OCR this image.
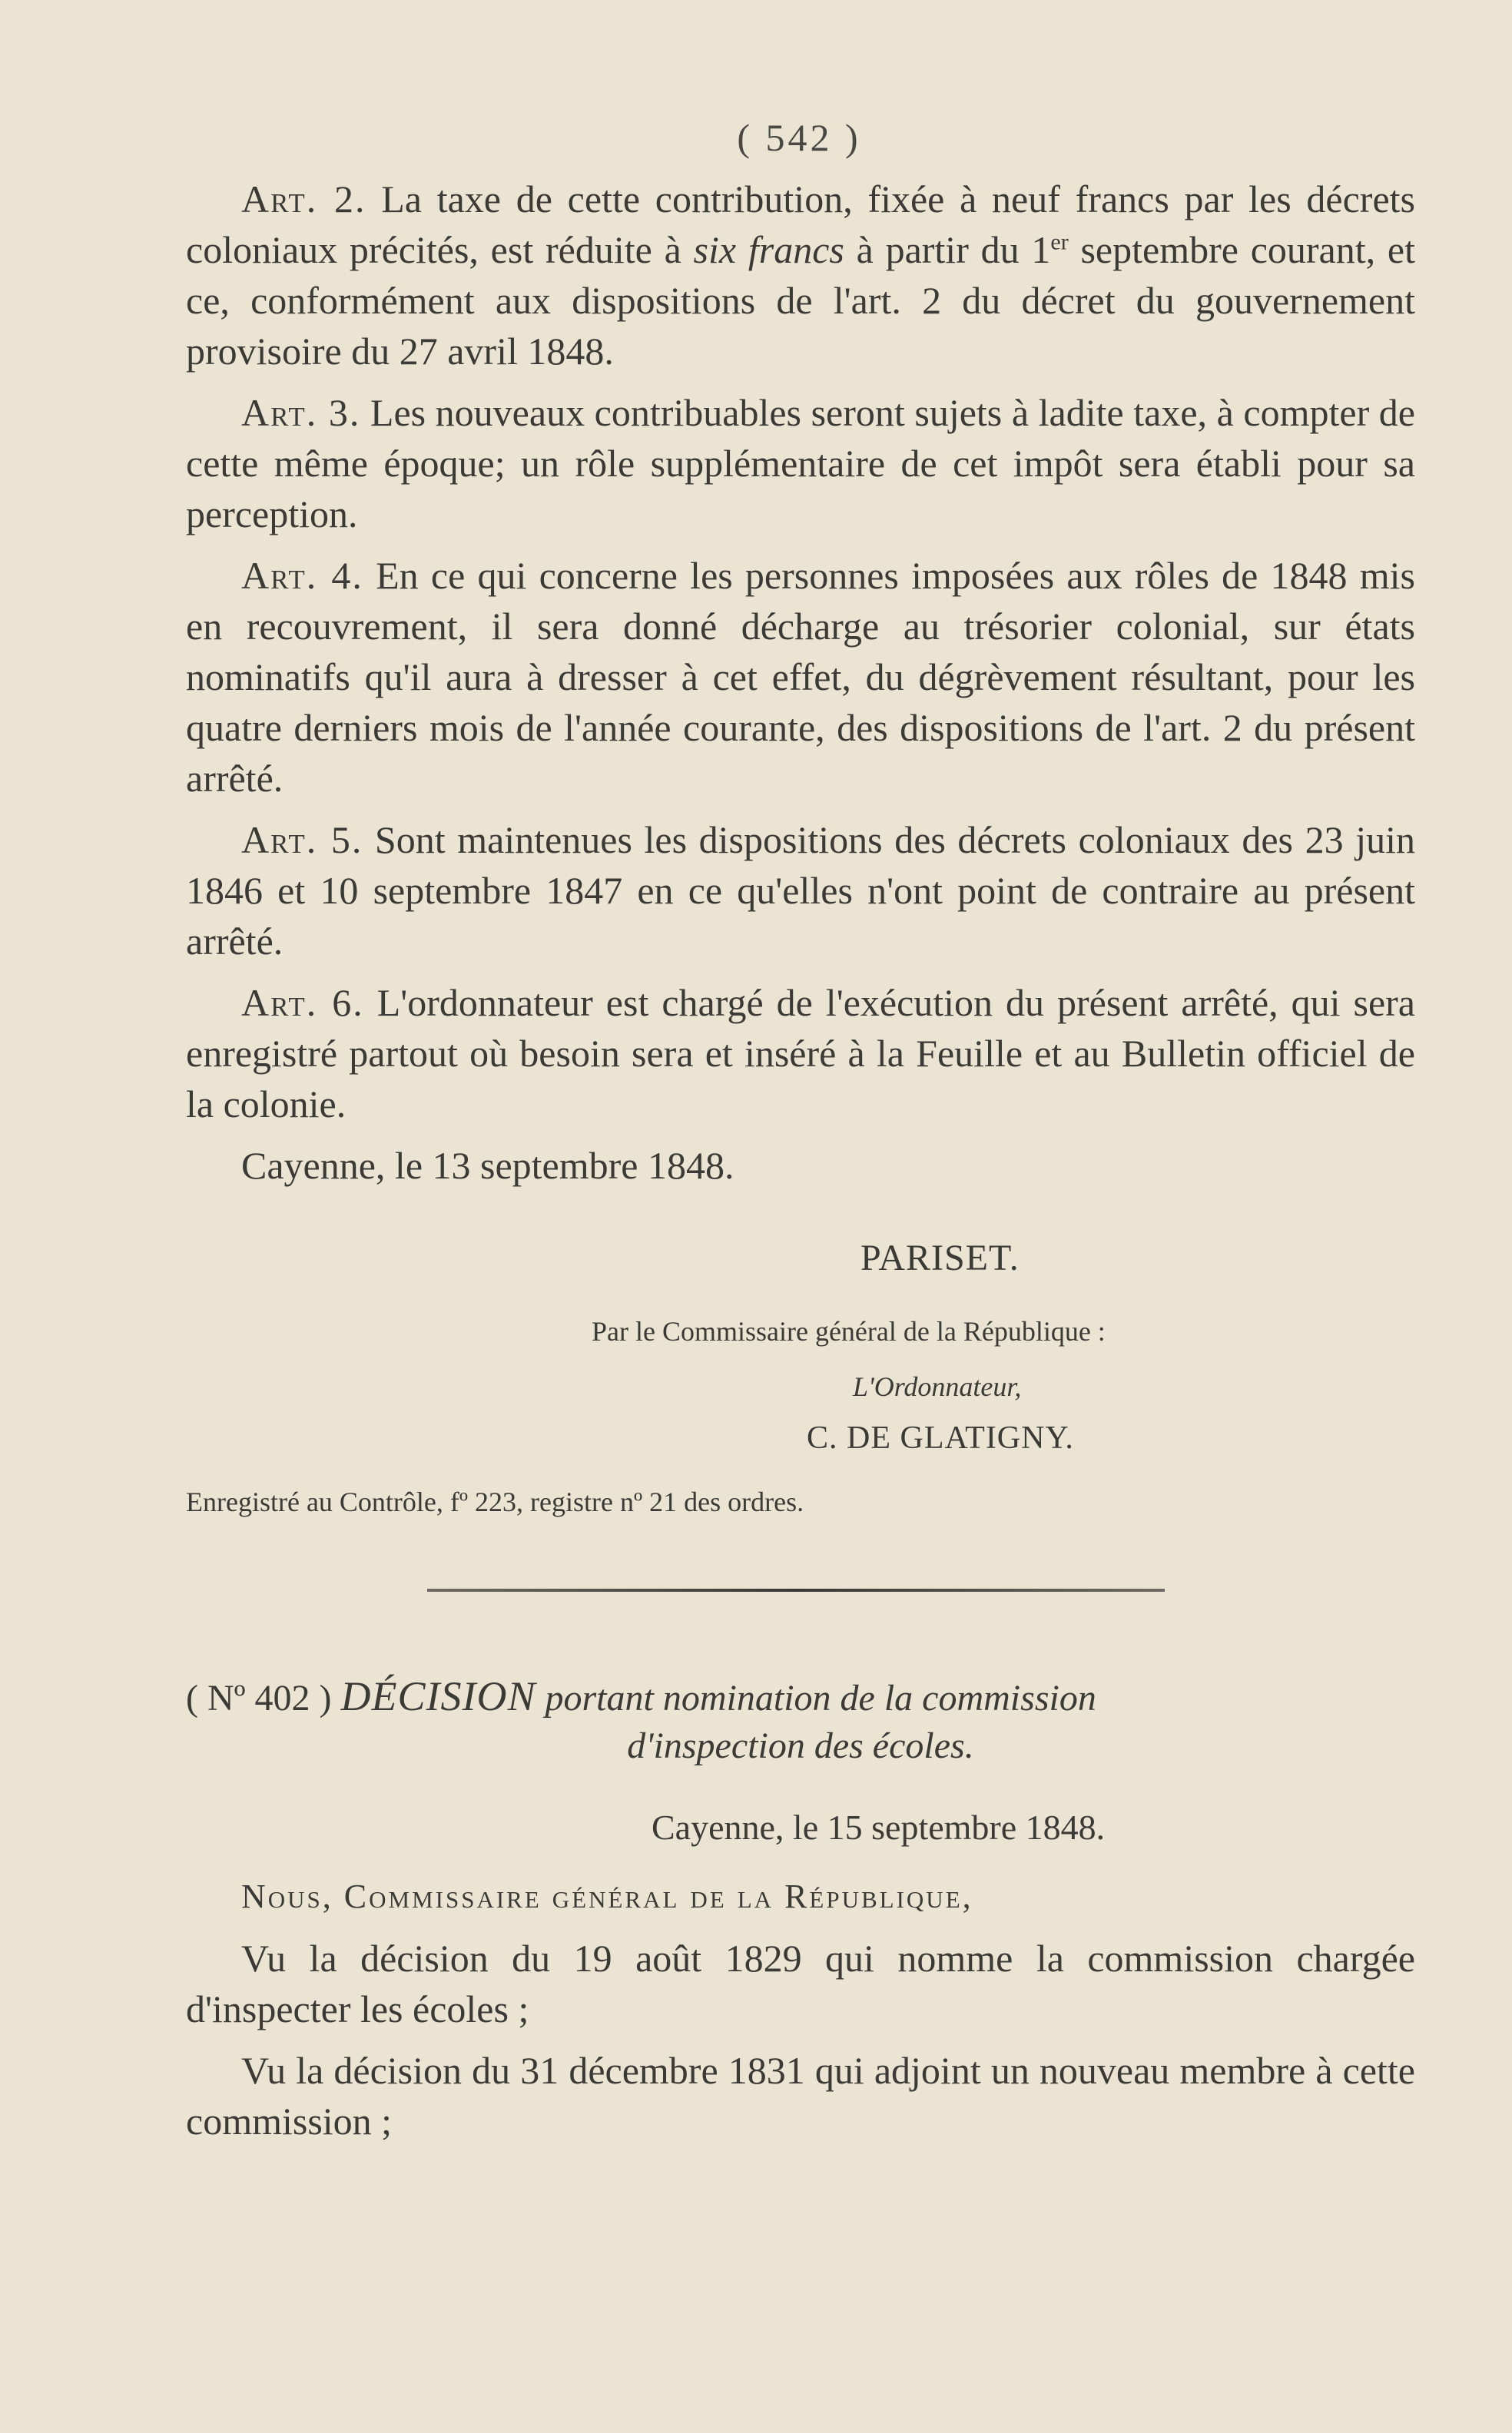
( 542 )

Art. 2. La taxe de cette contribution, fixée à neuf francs par les décrets coloniaux précités, est réduite à six francs à partir du 1er septembre courant, et ce, conformément aux dispositions de l'art. 2 du décret du gouvernement provisoire du 27 avril 1848.

Art. 3. Les nouveaux contribuables seront sujets à ladite taxe, à compter de cette même époque; un rôle supplémentaire de cet impôt sera établi pour sa perception.

Art. 4. En ce qui concerne les personnes imposées aux rôles de 1848 mis en recouvrement, il sera donné décharge au trésorier colonial, sur états nominatifs qu'il aura à dresser à cet effet, du dégrèvement résultant, pour les quatre derniers mois de l'année courante, des dispositions de l'art. 2 du présent arrêté.

Art. 5. Sont maintenues les dispositions des décrets coloniaux des 23 juin 1846 et 10 septembre 1847 en ce qu'elles n'ont point de contraire au présent arrêté.

Art. 6. L'ordonnateur est chargé de l'exécution du présent arrêté, qui sera enregistré partout où besoin sera et inséré à la Feuille et au Bulletin officiel de la colonie.

Cayenne, le 13 septembre 1848.

PARISET.
Par le Commissaire général de la République :
L'Ordonnateur,
C. DE GLATIGNY.
Enregistré au Contrôle, fº 223, registre nº 21 des ordres.
( Nº 402 ) DÉCISION portant nomination de la commission
d'inspection des écoles.
Cayenne, le 15 septembre 1848.

Nous, Commissaire général de la République,

Vu la décision du 19 août 1829 qui nomme la commission chargée d'inspecter les écoles ;

Vu la décision du 31 décembre 1831 qui adjoint un nouveau membre à cette commission ;
